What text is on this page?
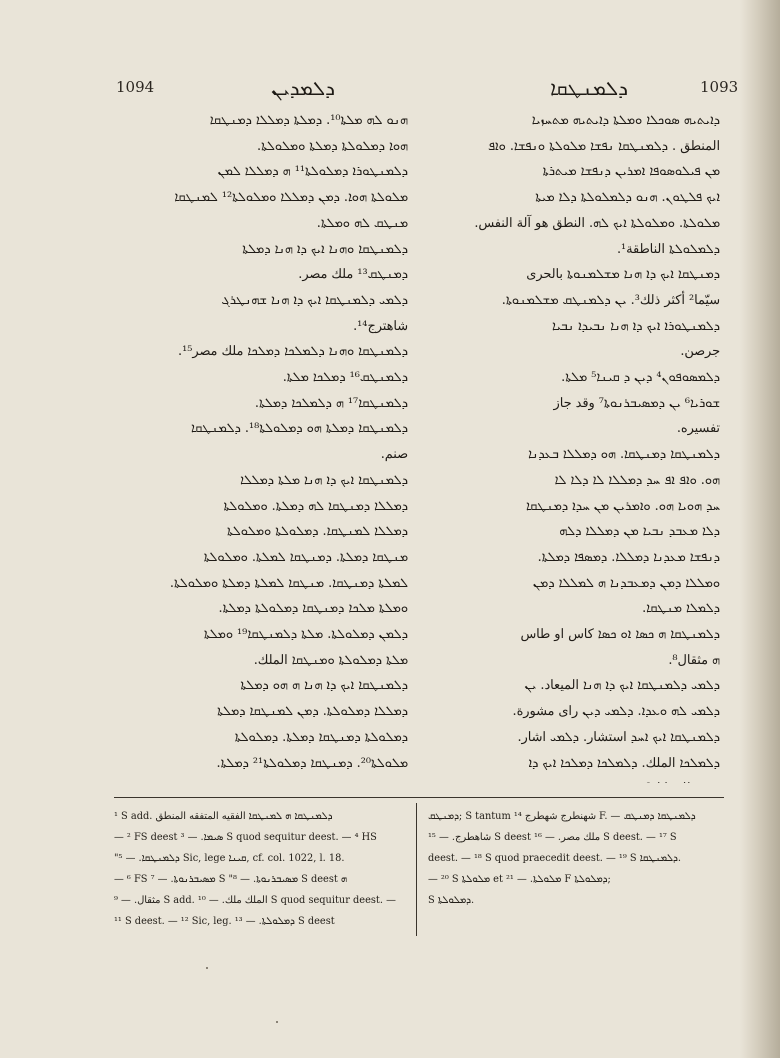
1094	ܕܠܡܕܝܢ	ܕܠܡܢܛܩܐ	1093

ܗܢܘ ܠܗ ܡܠܬܐ¹⁰. ܕܡܠܬܐ ܕܡܠܠܐ ܕܡܢܛܩܐ

ܗܘܐ ܕܡܠܘܠܬܐ ܕܡܠܬܐ ܘܡܠܘܠܬܐ.

ܕܠܡܢܛܘܪܐ ܕܡܠܘܠܬܐ¹¹ ܗ ܕܡܠܠܐ ܠܡܢ

ܡܠܘܠܬܐ ܗܘܐ. ܕܡܢ ܕܡܠܠܐ ܘܡܠܘܠܬܐ¹² ܠܡܢܛܩܐ

ܡܢܛܩ ܠܗ ܘܡܠܬܐ.

ܕܠܡܢܛܩܐ ܘܗܢܐ ܐܝܟ ܕܐ ܗܢܐ ܕܡܠܬܐ

ܕܡܢܛܩ¹³ ملك مصر.

ܕܠܡܝ ܕܠܡܢܛܩܐ ܐܝܟ ܕܐ ܗܢܐ ܫܗܢܛܪܓ

شاهترج¹⁴.

ܕܠܡܢܛܩܐ ܘܗܢܐ ܕܠܡܠܟܐ ܕܡܠܟܐ ملك مصر¹⁵.

ܕܠܡܢܛܩ¹⁶ ܕܡܠܟܐ ܡܠܬܐ.

ܕܠܡܢܛܩܐ¹⁷ ܗ ܕܠܡܠܟܐ ܕܡܠܬܐ.

ܕܠܡܢܛܩܐ ܕܡܠܬܐ ܗܘ ܕܡܠܘܠܬܐ¹⁸. ܕܠܡܢܛܩܐ

صنم.

ܕܠܡܢܛܩܐ ܐܝܟ ܕܐ ܗܢܐ ܡܠܬܐ ܕܡܠܠܐ

ܕܡܠܠܐ ܕܡܢܛܩܐ ܠܗ ܕܡܠܬܐ. ܘܡܠܘܠܬܐ

ܕܡܠܠܐ ܠܡܢܛܩܐ. ܕܡܠܘܠܬܐ ܘܡܠܘܠܬܐ

ܡܢܛܩܐ ܕܡܠܬܐ. ܕܡܢܛܩܐ ܠܡܠܬܐ. ܘܡܠܘܠܬܐ

ܠܡܠܬܐ ܕܡܢܛܩܐ. ܡܢܛܩܐ ܠܡܠܬܐ ܕܡܠܬܐ ܘܡܠܘܠܬܐ.

ܘܡܠܬܐ ܡܠܟܐ ܕܡܢܛܩܐ ܕܡܠܘܠܬܐ ܕܡܠܬܐ.

ܕܠܡܢ ܕܡܠܘܠܬܐ. ܡܠܬܐ ܕܠܡܢܛܩܐ¹⁹ ܘܡܠܬܐ

ܡܠܬܐ ܕܡܠܘܠܬܐ ܘܡܢܛܩܐ الملك.

ܕܠܡܢܛܩܐ ܐܝܟ ܕܐ ܗܢܐ ܗ ܗܘ ܕܡܠܬܐ

ܕܡܠܠܐ ܕܡܠܘܠܬܐ. ܕܡܢ ܠܡܢܛܩܐ ܕܡܠܬܐ

ܕܡܠܘܠܬܐ ܕܡܢܛܩܐ ܕܡܠܬܐ. ܕܡܠܘܠܬܐ

ܡܠܘܠܬܐ²⁰. ܕܡܢܛܩܐ ܕܡܠܘܠܬܐ²¹ ܕܡܠܬܐ.

ܕܐܝܬܝܗ ܣܘܟܠܐ ܘܡܠܬܐ ܕܐܝܬܝܗ ܡܬܚܙܝܐ

المنطق . ܕܠܡܢܛܩܐ ܢܦܫܐ ܡܠܘܠܬܐ ܘܢܦܫܐ. ܘܐܦ

ܡܢ ܦܝܠܘܣܘܦܐ ܐܡܪܝܢ ܕܢܦܫܐ ܡܝܬܪܬܐ

ܐܝܟ ܦܠܛܘܢ. ܗܢܘ ܕܠܡܠܘܠܬܐ ܕܠܐ ܡܝܬܐ

ܡܠܘܠܬܐ. ܘܡܠܘܠܬܐ ܐܝܟ ܠܗ. النطق هو آلة النفس.

ܕܠܡܠܘܠܬܐ الناطقة¹.

ܕܡܢܛܩܐ ܐܝܟ ܕܐ ܗܢܐ ܡܫܠܡܢܘܬܐ بالحرى

سيّما² أكثر ذلك³. ܝܢ ܕܠܡܢܛܩ ܡܫܠܡܢܘܬܐ.

ܕܠܡܢܛܘܪܐ ܐܝܟ ܕܐ ܗܢܐ ܢܒܝܕܐ ܢܒܝܐ

جرصن.

ܕܠܡܣܘܦܘܢ⁴ ܕܝܢ ܕ ܩܝܢܐ⁵ ܡܠܬܐ.

ܫܘܪܝܐ⁶ ܝܢ ܕܡܣܝܒܪܢܘܬܐ⁷ وقد جاز

تفسيره.

ܕܠܡܢܛܩܐ ܕܡܢܛܩܐ. ܗܘ ܕܡܠܠܐ ܒܥܕܢܐ

ܗܘ. ܘܐܦ ܐܦ ܚܕ ܕܡܠܠܐ ܠܐ ܕܠܐ ܠܐ

ܚܕ ܗܘܝܐ ܗܘ. ܘܐܡܪܝܢ ܡܢ ܚܕܐ ܕܡܢܛܩܐ

ܕܠܐ ܡܥܒܕ ܢܒܝܐ ܡܢ ܕܡܠܠܐ ܕܠܗ

ܕܢܦܫܐ ܡܥܕܢܐ ܕܡܠܠܐ. ܕܡܣܦܐ ܕܡܠܬܐ.

ܘܡܠܠܐ ܕܡܢ ܕܡܥܒܕܢܐ ܗ ܠܡܠܠܐ ܕܡܢ

ܕܠܡܠܐ ܡܢܛܩܐ.

ܕܠܡܢܛܩܐ ܗ ܟܣܐ ܐܘ ܟܣܐ كاس او طاس

ܗ مثقال⁸.

ܕܠܡܝ ܕܠܡܢܛܩܐ ܐܝܟ ܕܐ ܗܢܐ الميعاد. ܝܢ

ܕܠܡܝ ܠܗ ܘܥܕܐ. ܕܠܡܝ ܕܝܢ راى مشورة.

ܕܠܡܢܛܩܐ ܐܝܟ ܐܚܕ استشار. ܕܠܡܝ اشار.

ܕܠܡܠܟܐ الملك. ܕܠܡܠܟܐ ܕܡܠܟܐ ܐܝܟ ܕܐ

¹ S add. ܕܠܡܢܛܩܐ ܗ ܠܡܢܛܩܐ الفقيه المتفقه المنطق

— ² FS deest ܣܝܡܐ. — ³ S quod sequitur deest. — ⁴ HS

"ܕܠܡܢܛܩܐ. — ⁵ Sic, lege ܩܝܢܐ, cf. col. 1022, l. 18.

— ⁶ FS ܡܣܝܒܪܢܘܬܐ. — ⁷ S "ܡܣܝܒܪܢܘܬܐ. — ⁸ S deest ܗ

مثقال. — ⁹ S add. الملك ملك. — ¹⁰ S quod sequitur deest. —

¹¹ S deest. — ¹² Sic, leg. ܕܡܠܘܠܬܐ. — ¹³ S deest

ܕܡܢܛܩ; S tantum شهنطرج شهطرج ¹⁴ F. — ܕܠܡܢܛܩܐ ܕܡܢܛܩ

شاهطرج. — ¹⁵ S deest ملك مصر. — ¹⁶ S deest. — ¹⁷ S

deest. — ¹⁸ S quod praecedit deest. — ¹⁹ S ܕܠܡܢܛܩܐ.

— ²⁰ S ܡܠܘܠܬܐ et ܡܠܘܠܬܐ. — ²¹ F ܕܡܠܘܠܬܐ;

S ܕܡܠܘܠܬܐ.
